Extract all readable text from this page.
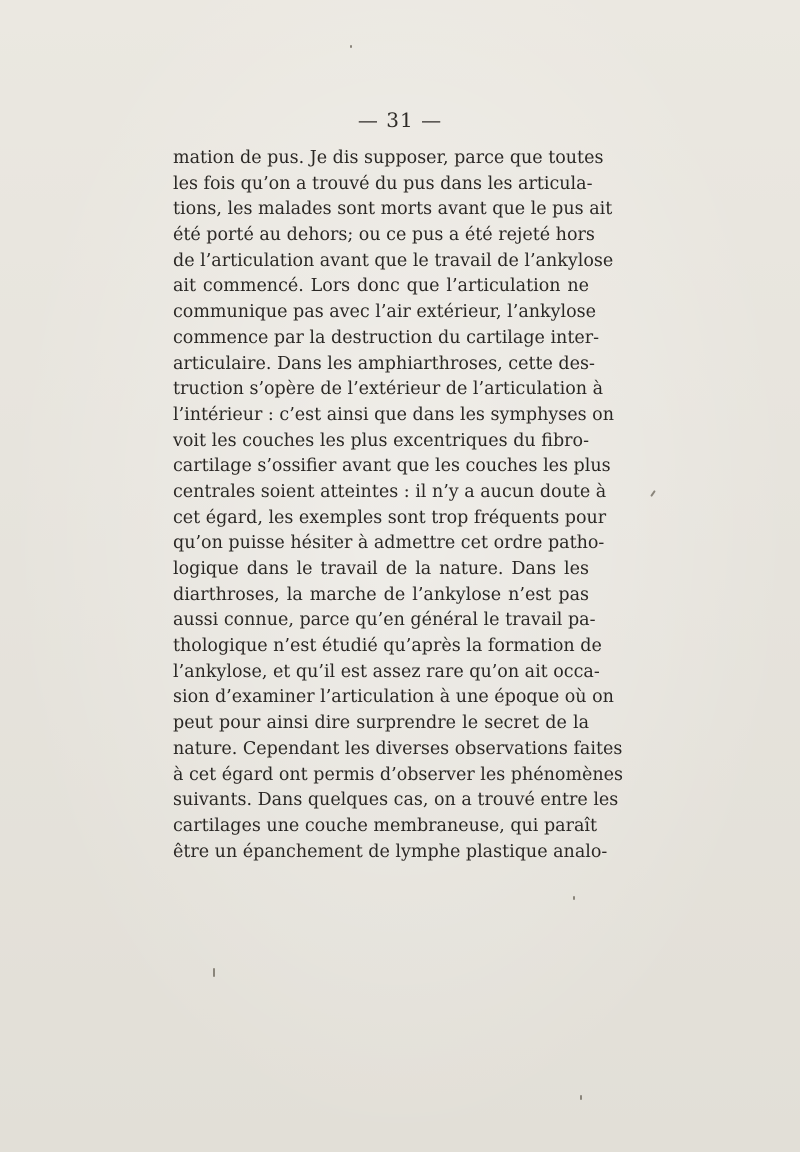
— 31 —
mation de pus. Je dis supposer, parce que toutes
les fois qu’on a trouvé du pus dans les articula-
tions, les malades sont morts avant que le pus ait
été porté au dehors; ou ce pus a été rejeté hors
de l’articulation avant que le travail de l’ankylose
ait commencé. Lors donc que l’articulation ne
communique pas avec l’air extérieur, l’ankylose
commence par la destruction du cartilage inter-
articulaire. Dans les amphiarthroses, cette des-
truction s’opère de l’extérieur de l’articulation à
l’intérieur : c’est ainsi que dans les symphyses on
voit les couches les plus excentriques du fibro-
cartilage s’ossifier avant que les couches les plus
centrales soient atteintes : il n’y a aucun doute à
cet égard, les exemples sont trop fréquents pour
qu’on puisse hésiter à admettre cet ordre patho-
logique dans le travail de la nature. Dans les
diarthroses, la marche de l’ankylose n’est pas
aussi connue, parce qu’en général le travail pa-
thologique n’est étudié qu’après la formation de
l’ankylose, et qu’il est assez rare qu’on ait occa-
sion d’examiner l’articulation à une époque où on
peut pour ainsi dire surprendre le secret de la
nature. Cependant les diverses observations faites
à cet égard ont permis d’observer les phénomènes
suivants. Dans quelques cas, on a trouvé entre les
cartilages une couche membraneuse, qui paraît
être un épanchement de lymphe plastique analo-
